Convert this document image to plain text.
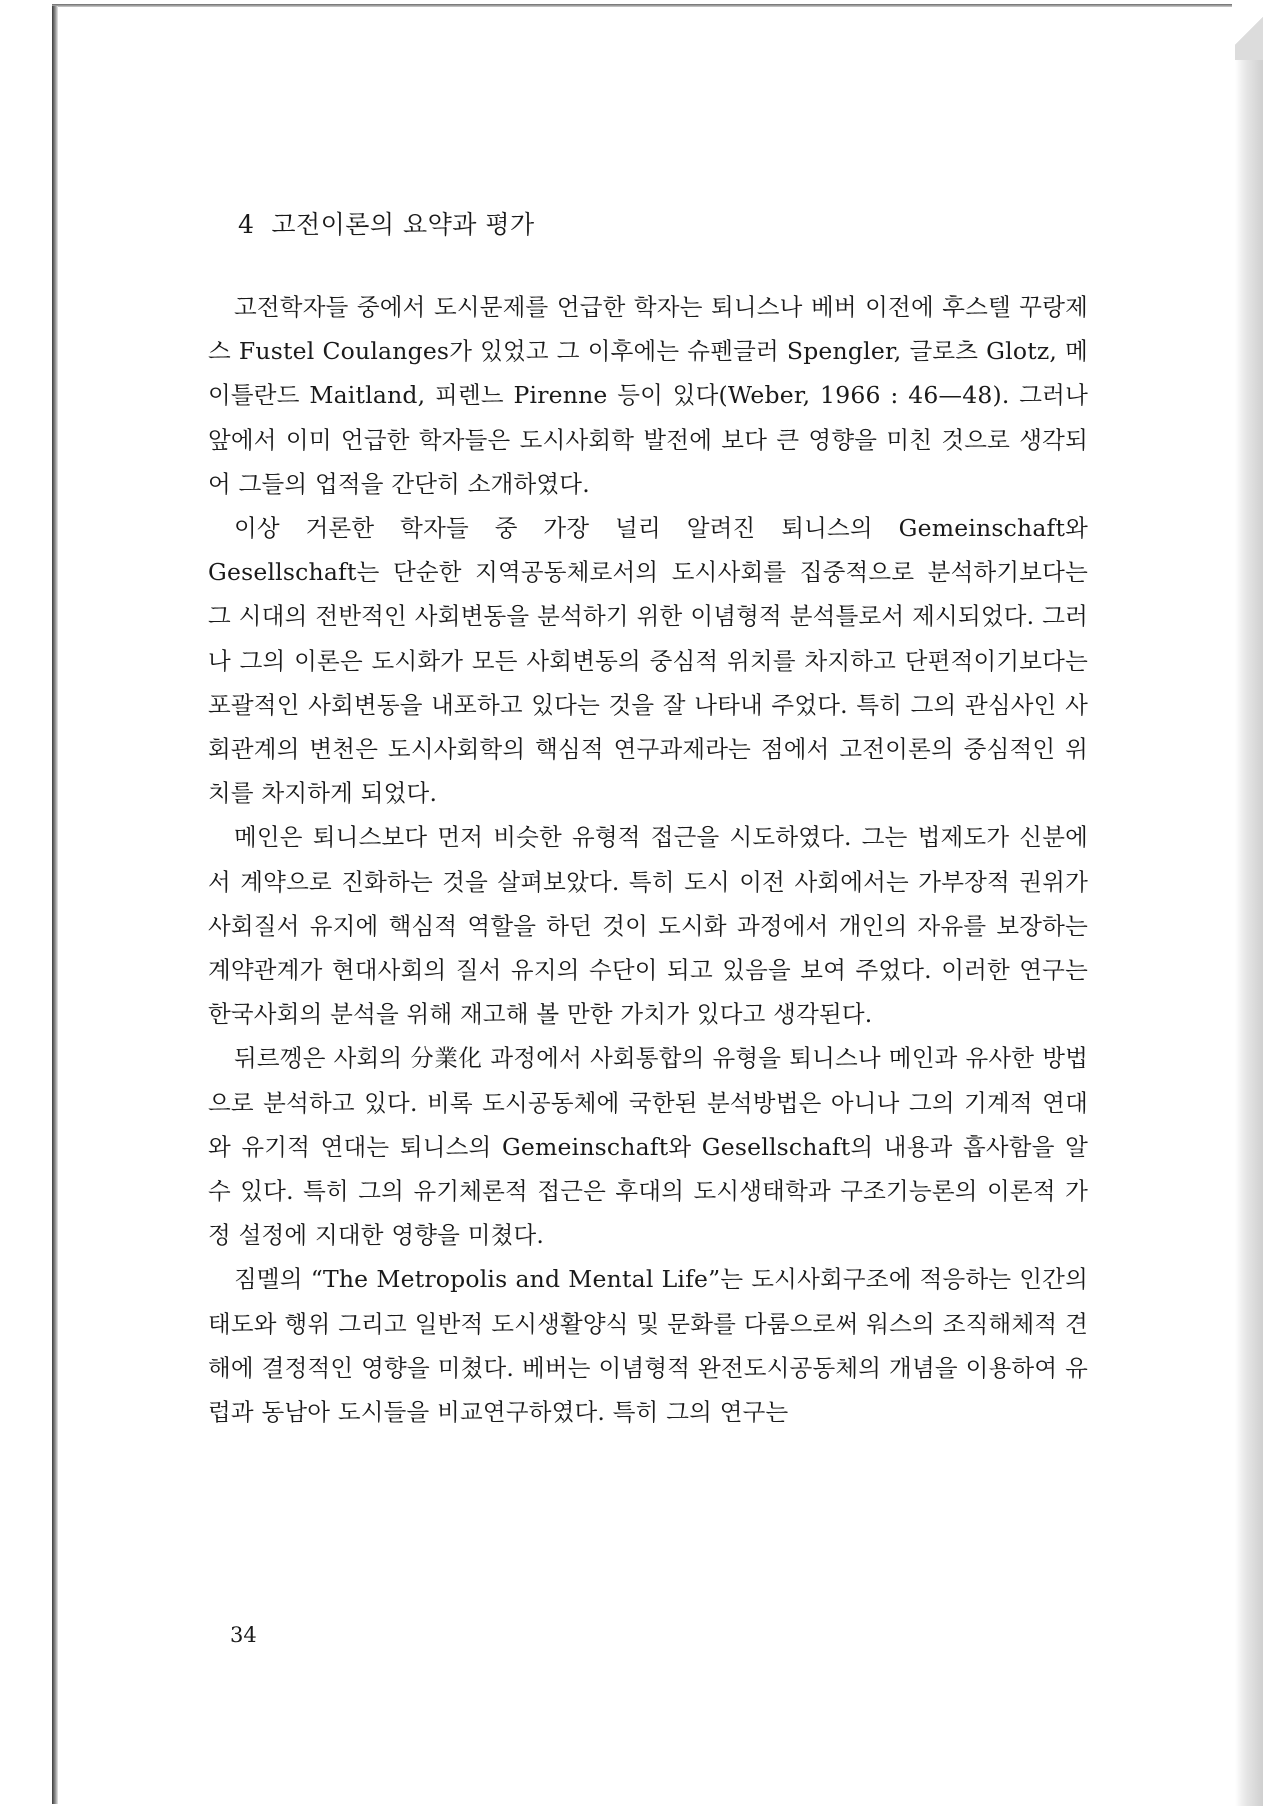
4 고전이론의 요약과 평가

고전학자들 중에서 도시문제를 언급한 학자는 퇴니스나 베버 이전에 후스텔 꾸랑제스 Fustel Coulanges가 있었고 그 이후에는 슈펜글러 Spengler, 글로츠 Glotz, 메이틀란드 Maitland, 피렌느 Pirenne 등이 있다(Weber, 1966 : 46—48). 그러나 앞에서 이미 언급한 학자들은 도시사회학 발전에 보다 큰 영향을 미친 것으로 생각되어 그들의 업적을 간단히 소개하였다.

이상 거론한 학자들 중 가장 널리 알려진 퇴니스의 Gemeinschaft와 Gesellschaft는 단순한 지역공동체로서의 도시사회를 집중적으로 분석하기보다는 그 시대의 전반적인 사회변동을 분석하기 위한 이념형적 분석틀로서 제시되었다. 그러나 그의 이론은 도시화가 모든 사회변동의 중심적 위치를 차지하고 단편적이기보다는 포괄적인 사회변동을 내포하고 있다는 것을 잘 나타내 주었다. 특히 그의 관심사인 사회관계의 변천은 도시사회학의 핵심적 연구과제라는 점에서 고전이론의 중심적인 위치를 차지하게 되었다.

메인은 퇴니스보다 먼저 비슷한 유형적 접근을 시도하였다. 그는 법제도가 신분에서 계약으로 진화하는 것을 살펴보았다. 특히 도시 이전 사회에서는 가부장적 권위가 사회질서 유지에 핵심적 역할을 하던 것이 도시화 과정에서 개인의 자유를 보장하는 계약관계가 현대사회의 질서 유지의 수단이 되고 있음을 보여 주었다. 이러한 연구는 한국사회의 분석을 위해 재고해 볼 만한 가치가 있다고 생각된다.

뒤르껭은 사회의 分業化 과정에서 사회통합의 유형을 퇴니스나 메인과 유사한 방법으로 분석하고 있다. 비록 도시공동체에 국한된 분석방법은 아니나 그의 기계적 연대와 유기적 연대는 퇴니스의 Gemeinschaft와 Gesellschaft의 내용과 흡사함을 알 수 있다. 특히 그의 유기체론적 접근은 후대의 도시생태학과 구조기능론의 이론적 가정 설정에 지대한 영향을 미쳤다.

짐멜의 “The Metropolis and Mental Life”는 도시사회구조에 적응하는 인간의 태도와 행위 그리고 일반적 도시생활양식 및 문화를 다룸으로써 워스의 조직해체적 견해에 결정적인 영향을 미쳤다. 베버는 이념형적 완전도시공동체의 개념을 이용하여 유럽과 동남아 도시들을 비교연구하였다. 특히 그의 연구는

34
